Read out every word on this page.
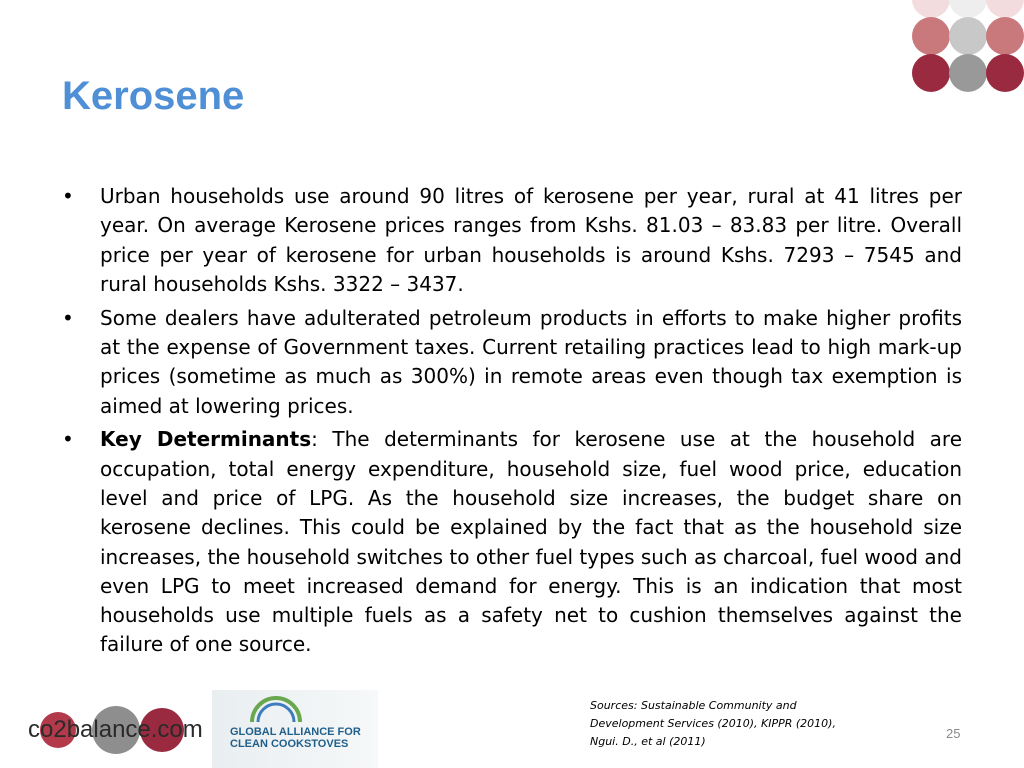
Kerosene
• Urban households use around 90 litres of kerosene per year, rural at 41 litres per year. On average Kerosene prices ranges from Kshs. 81.03 – 83.83 per litre. Overall price per year of kerosene for urban households is around Kshs. 7293 – 7545 and rural households Kshs. 3322 – 3437.
• Some dealers have adulterated petroleum products in efforts to make higher profits at the expense of Government taxes. Current retailing practices lead to high mark-up prices (sometime as much as 300%) in remote areas even though tax exemption is aimed at lowering prices.
• Key Determinants: The determinants for kerosene use at the household are occupation, total energy expenditure, household size, fuel wood price, education level and price of LPG. As the household size increases, the budget share on kerosene declines. This could be explained by the fact that as the household size increases, the household switches to other fuel types such as charcoal, fuel wood and even LPG to meet increased demand for energy. This is an indication that most households use multiple fuels as a safety net to cushion themselves against the failure of one source.
co2balance.com GLOBAL ALLIANCE FOR
CLEAN COOKSTOVES
Sources: Sustainable Community and Development Services (2010), KIPPR (2010), Ngui. D., et al (2011)
25
